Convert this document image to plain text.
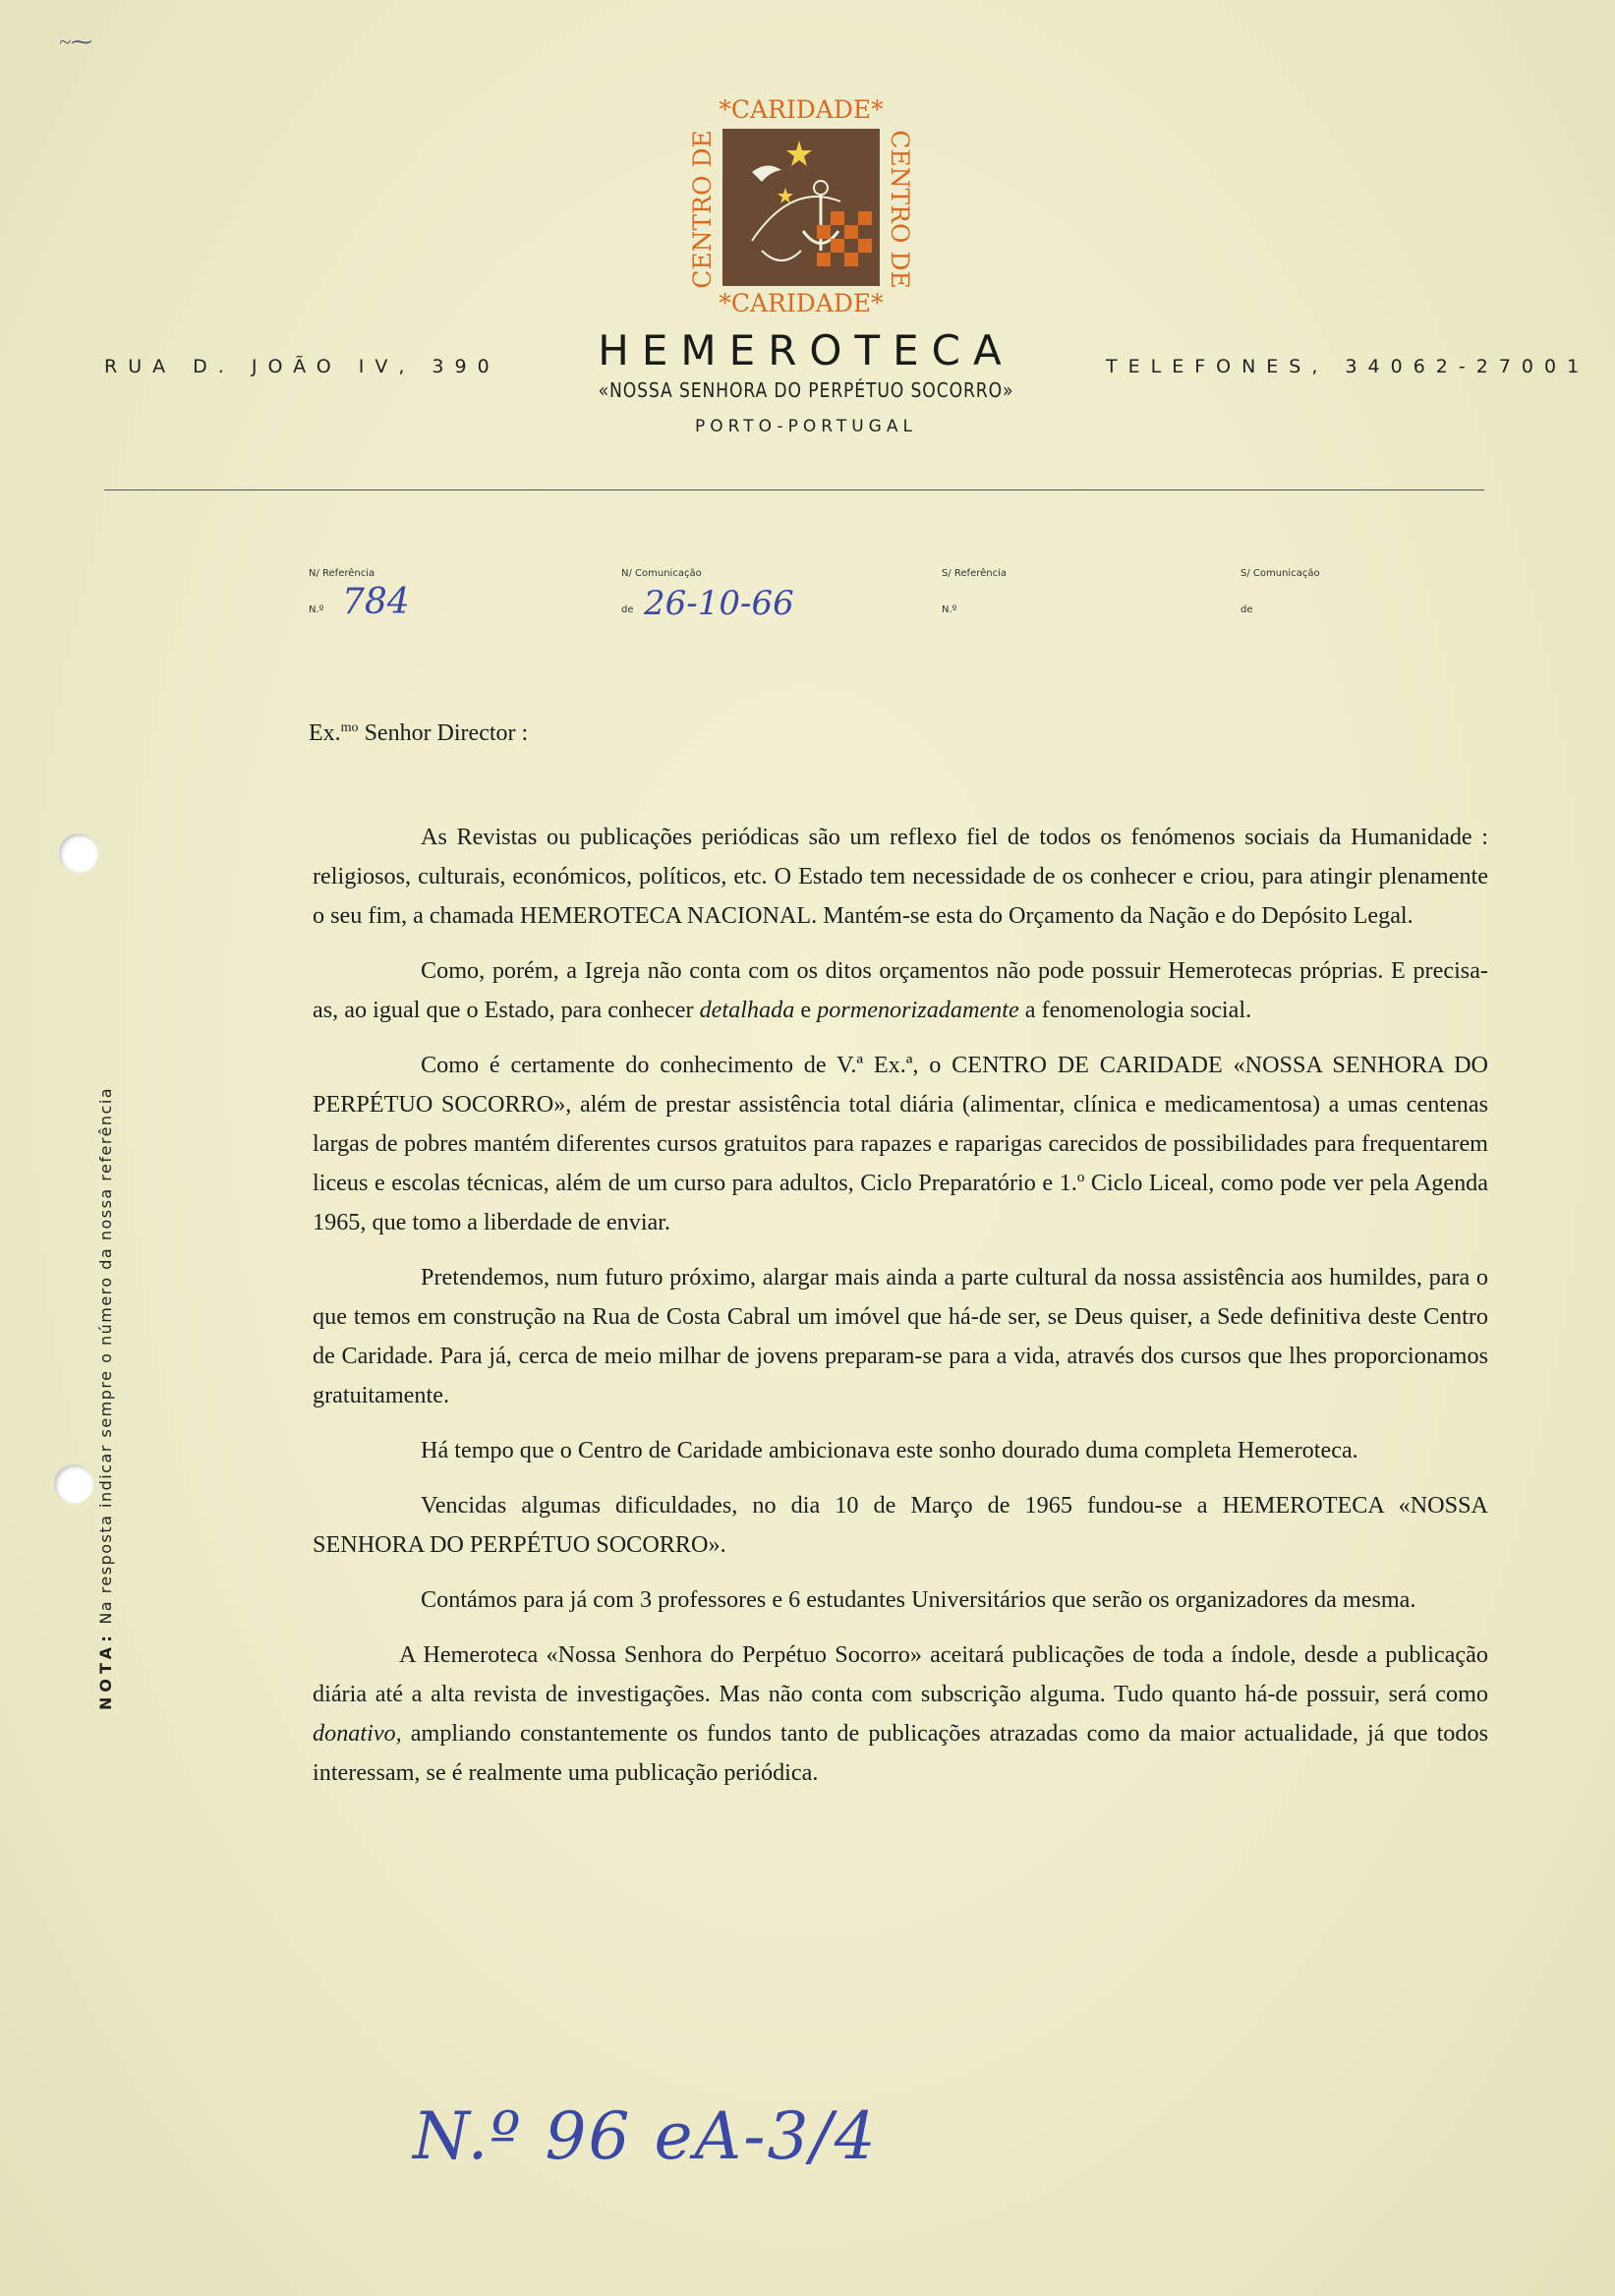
~⁓
*CARIDADE*
*CARIDADE*
CENTRO DE	CENTRO DE
RUA D. JOÃO IV, 390	HEMEROTECA	TELEFONES, 34062-27001
«NOSSA SENHORA DO PERPÉTUO SOCORRO»
PORTO-PORTUGAL
N/ Referência
N.º 784
N/ Comunicação
de 26-10-66
S/ Referência
N.º
S/ Comunicação
de
Ex.$^{mo}$ Senhor Director :

As Revistas ou publicações periódicas são um reflexo fiel de todos os fenómenos sociais da Humanidade : religiosos, culturais, económicos, políticos, etc. O Estado tem necessidade de os conhecer e criou, para atingir plenamente o seu fim, a chamada HEMEROTECA NACIONAL. Mantém-se esta do Orçamento da Nação e do Depósito Legal.

Como, porém, a Igreja não conta com os ditos orçamentos não pode possuir Hemerotecas próprias. E precisa-as, ao igual que o Estado, para conhecer detalhada e pormenorizadamente a fenomenologia social.

Como é certamente do conhecimento de V.ª Ex.ª, o CENTRO DE CARIDADE «NOSSA SENHORA DO PERPÉTUO SOCORRO», além de prestar assistência total diária (alimentar, clínica e medicamentosa) a umas centenas largas de pobres mantém diferentes cursos gratuitos para rapazes e raparigas carecidos de possibilidades para frequentarem liceus e escolas técnicas, além de um curso para adultos, Ciclo Preparatório e 1.º Ciclo Liceal, como pode ver pela Agenda 1965, que tomo a liberdade de enviar.

Pretendemos, num futuro próximo, alargar mais ainda a parte cultural da nossa assistência aos humildes, para o que temos em construção na Rua de Costa Cabral um imóvel que há-de ser, se Deus quiser, a Sede definitiva deste Centro de Caridade. Para já, cerca de meio milhar de jovens preparam-se para a vida, através dos cursos que lhes proporcionamos gratuitamente.

Há tempo que o Centro de Caridade ambicionava este sonho dourado duma completa Hemeroteca.

Vencidas algumas dificuldades, no dia 10 de Março de 1965 fundou-se a HEMEROTECA «NOSSA SENHORA DO PERPÉTUO SOCORRO».

Contámos para já com 3 professores e 6 estudantes Universitários que serão os organizadores da mesma.

A Hemeroteca «Nossa Senhora do Perpétuo Socorro» aceitará publicações de toda a índole, desde a publicação diária até a alta revista de investigações. Mas não conta com subscrição alguma. Tudo quanto há-de possuir, será como donativo, ampliando constantemente os fundos tanto de publicações atrazadas como da maior actualidade, já que todos interessam, se é realmente uma publicação periódica.

NOTA: Na resposta indicar sempre o número da nossa referência
N.º 96 eA-3/4
